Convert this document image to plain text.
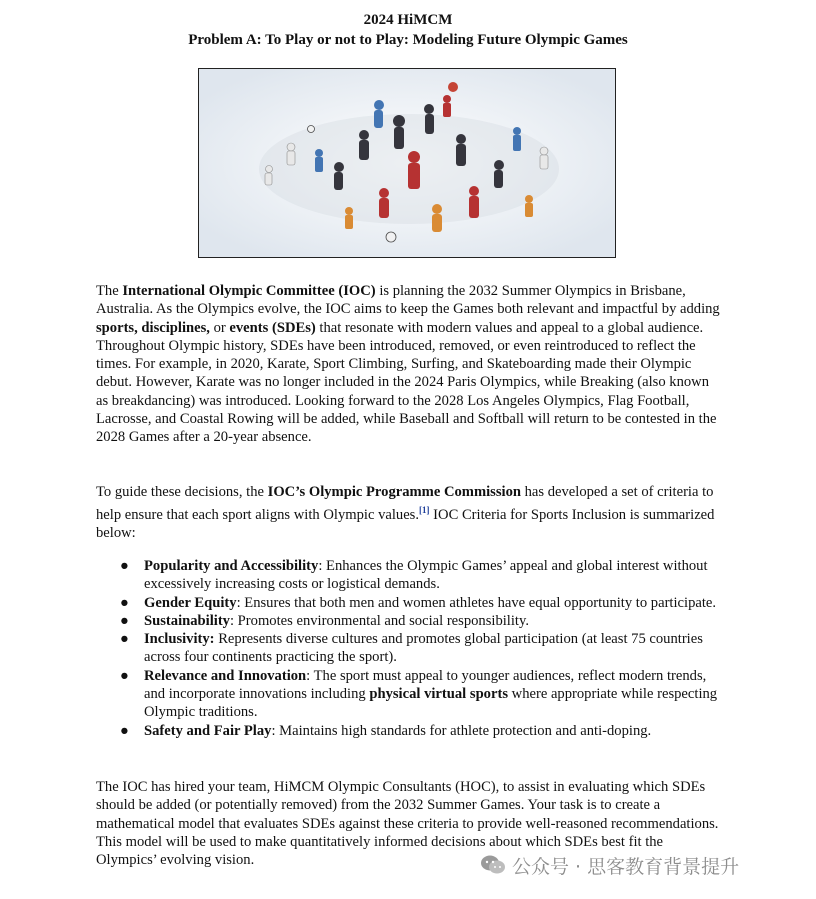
2024 HiMCM
Problem A: To Play or not to Play: Modeling Future Olympic Games
The International Olympic Committee (IOC) is planning the 2032 Summer Olympics in Brisbane, Australia. As the Olympics evolve, the IOC aims to keep the Games both relevant and impactful by adding sports, disciplines, or events (SDEs) that resonate with modern values and appeal to a global audience. Throughout Olympic history, SDEs have been introduced, removed, or even reintroduced to reflect the times. For example, in 2020, Karate, Sport Climbing, Surfing, and Skateboarding made their Olympic debut. However, Karate was no longer included in the 2024 Paris Olympics, while Breaking (also known as breakdancing) was introduced. Looking forward to the 2028 Los Angeles Olympics, Flag Football, Lacrosse, and Coastal Rowing will be added, while Baseball and Softball will return to be contested in the 2028 Games after a 20-year absence.
To guide these decisions, the IOC’s Olympic Programme Commission has developed a set of criteria to help ensure that each sport aligns with Olympic values.[1] IOC Criteria for Sports Inclusion is summarized below:
● Popularity and Accessibility: Enhances the Olympic Games’ appeal and global interest without excessively increasing costs or logistical demands.
● Gender Equity: Ensures that both men and women athletes have equal opportunity to participate.
● Sustainability: Promotes environmental and social responsibility.
● Inclusivity: Represents diverse cultures and promotes global participation (at least 75 countries across four continents practicing the sport).
● Relevance and Innovation: The sport must appeal to younger audiences, reflect modern trends, and incorporate innovations including physical virtual sports where appropriate while respecting Olympic traditions.
● Safety and Fair Play: Maintains high standards for athlete protection and anti-doping.
The IOC has hired your team, HiMCM Olympic Consultants (HOC), to assist in evaluating which SDEs should be added (or potentially removed) from the 2032 Summer Games. Your task is to create a mathematical model that evaluates SDEs against these criteria to provide well-reasoned recommendations. This model will be used to make quantitatively informed decisions about which SDEs best fit the Olympics’ evolving vision.	公众号 · 思客教育背景提升
